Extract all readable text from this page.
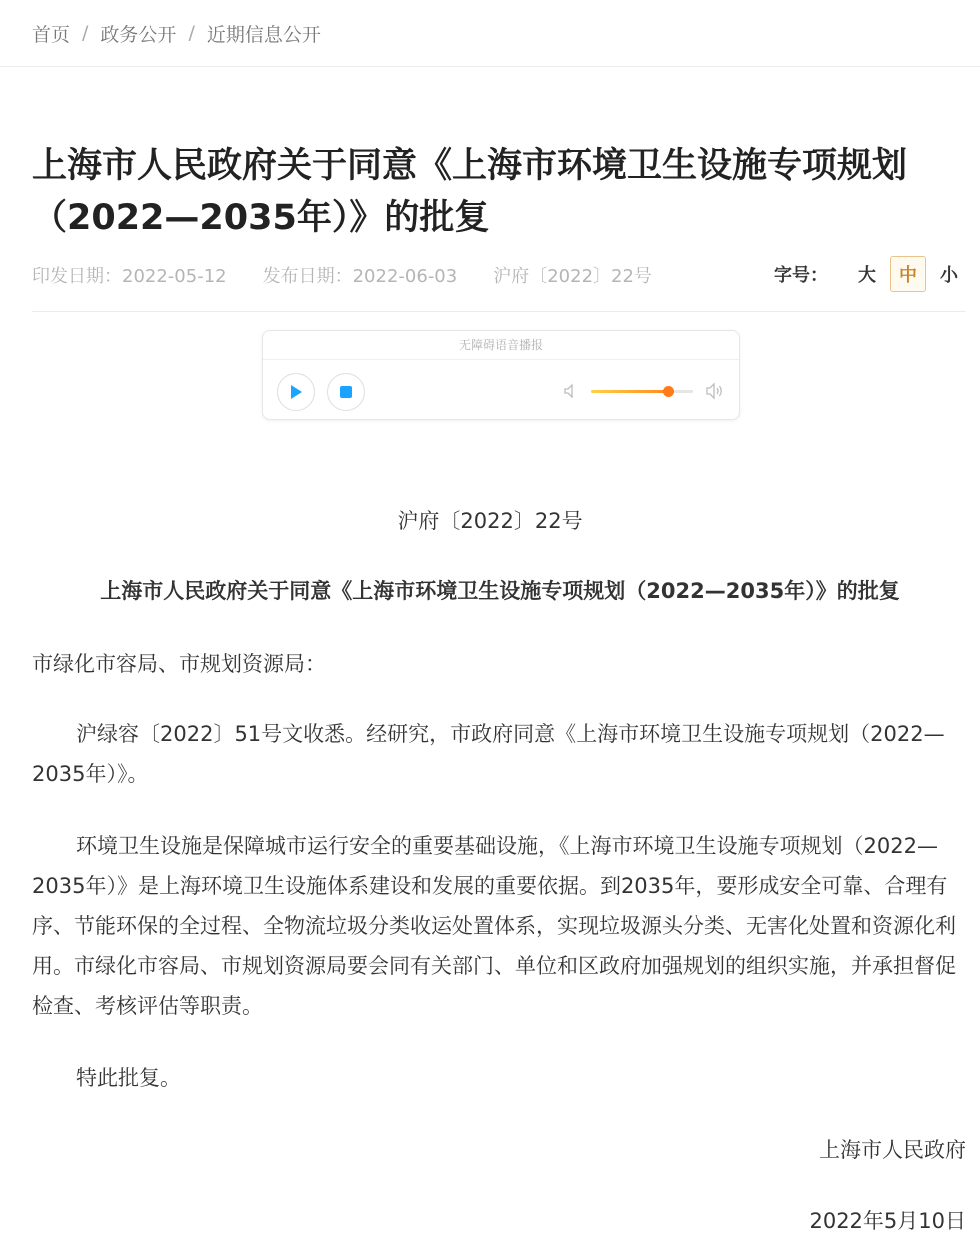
首页 / 政务公开 / 近期信息公开
上海市人民政府关于同意《上海市环境卫生设施专项规划（2022—2035年）》的批复
印发日期：2022-05-12 发布日期：2022-06-03 沪府〔2022〕22号	字号：	大	中	小
无障碍语音播报
沪府〔2022〕22号
上海市人民政府关于同意《上海市环境卫生设施专项规划（2022—2035年）》的批复

市绿化市容局、市规划资源局：

沪绿容〔2022〕51号文收悉。经研究，市政府同意《上海市环境卫生设施专项规划（2022—2035年）》。

环境卫生设施是保障城市运行安全的重要基础设施，《上海市环境卫生设施专项规划（2022—2035年）》是上海环境卫生设施体系建设和发展的重要依据。到2035年，要形成安全可靠、合理有序、节能环保的全过程、全物流垃圾分类收运处置体系，实现垃圾源头分类、无害化处置和资源化利用。市绿化市容局、市规划资源局要会同有关部门、单位和区政府加强规划的组织实施，并承担督促检查、考核评估等职责。

特此批复。

上海市人民政府
2022年5月10日
